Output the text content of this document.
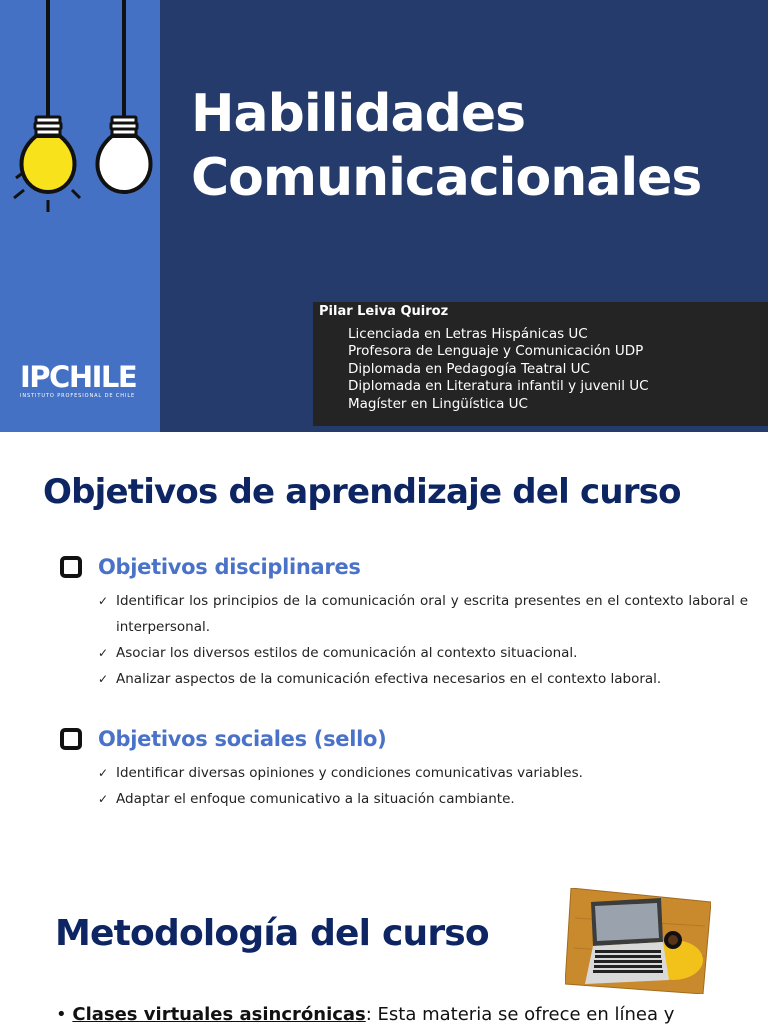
IPCHILE
INSTITUTO PROFESIONAL DE CHILE
Habilidades
Comunicacionales
Pilar Leiva Quiroz
Licenciada en Letras Hispánicas UC
Profesora de Lenguaje y Comunicación UDP
Diplomada en Pedagogía Teatral UC
Diplomada en Literatura infantil y juvenil UC
Magíster en Lingüística UC
Objetivos de aprendizaje del curso
Objetivos disciplinares
✓ Identificar los principios de la comunicación oral y escrita presentes en el contexto laboral e interpersonal.
✓ Asociar los diversos estilos de comunicación al contexto situacional.
✓ Analizar aspectos de la comunicación efectiva necesarios en el contexto laboral.
Objetivos sociales (sello)
✓ Identificar diversas opiniones y condiciones comunicativas variables.
✓ Adaptar el enfoque comunicativo a la situación cambiante.
Metodología del curso
• Clases virtuales asincrónicas: Esta materia se ofrece en línea y
